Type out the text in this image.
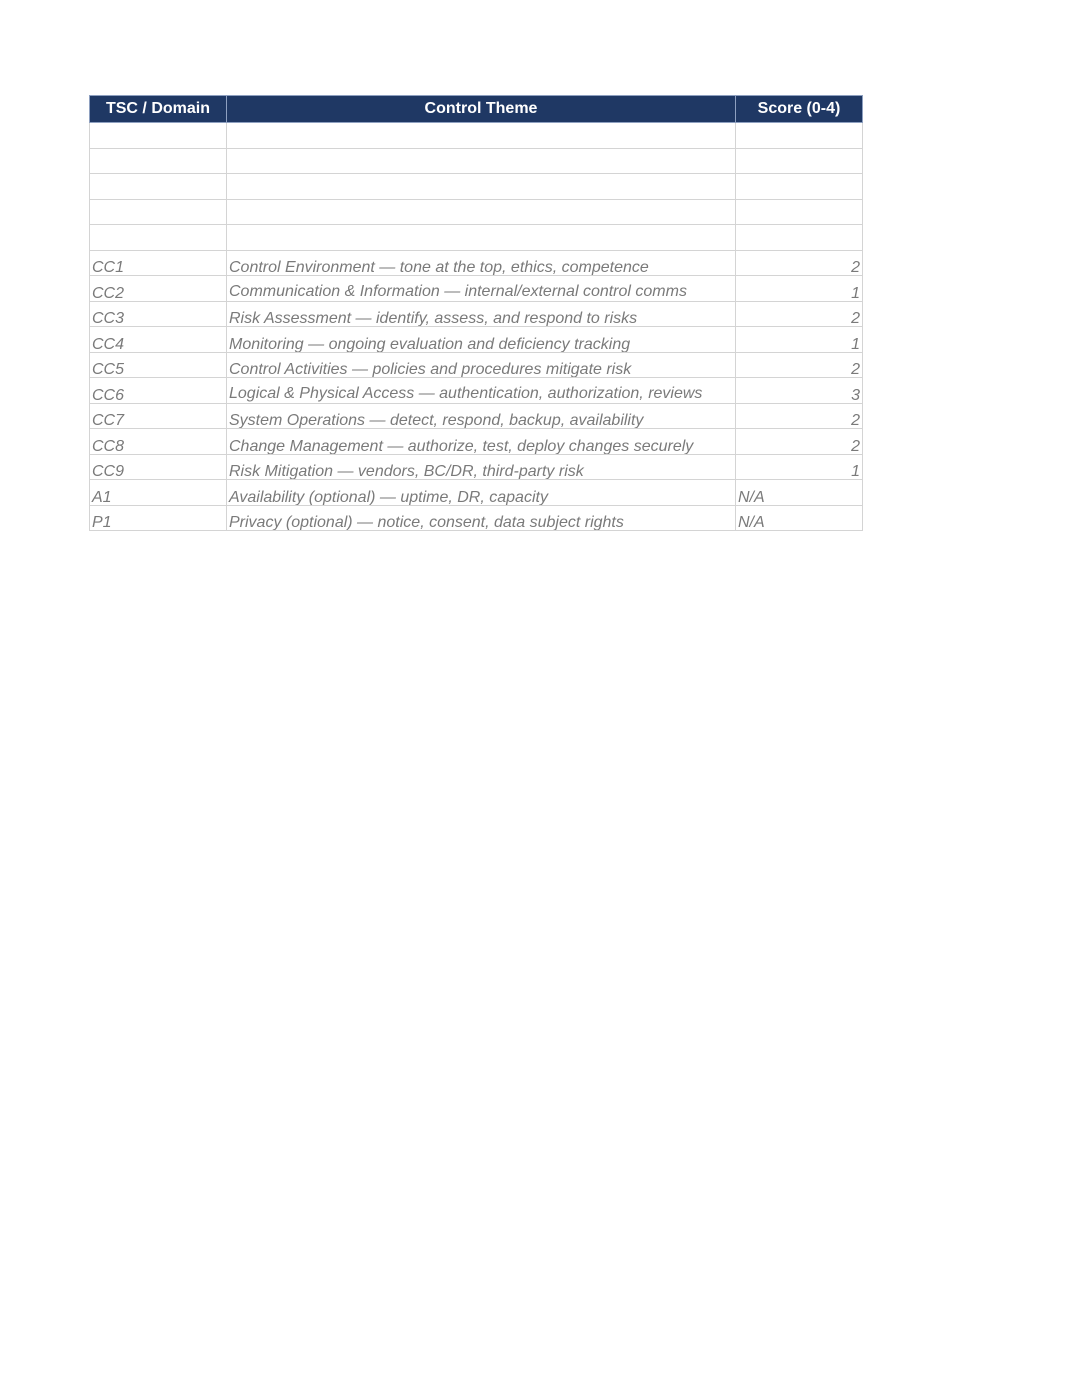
TSC / Domain	Control Theme	Score (0-4)

CC1	Control Environment — tone at the top, ethics, competence	2
CC2	Communication & Information — internal/external control comms	1
CC3	Risk Assessment — identify, assess, and respond to risks	2
CC4	Monitoring — ongoing evaluation and deficiency tracking	1
CC5	Control Activities — policies and procedures mitigate risk	2
CC6	Logical & Physical Access — authentication, authorization, reviews	3
CC7	System Operations — detect, respond, backup, availability	2
CC8	Change Management — authorize, test, deploy changes securely	2
CC9	Risk Mitigation — vendors, BC/DR, third-party risk	1
A1	Availability (optional) — uptime, DR, capacity	N/A
P1	Privacy (optional) — notice, consent, data subject rights	N/A
